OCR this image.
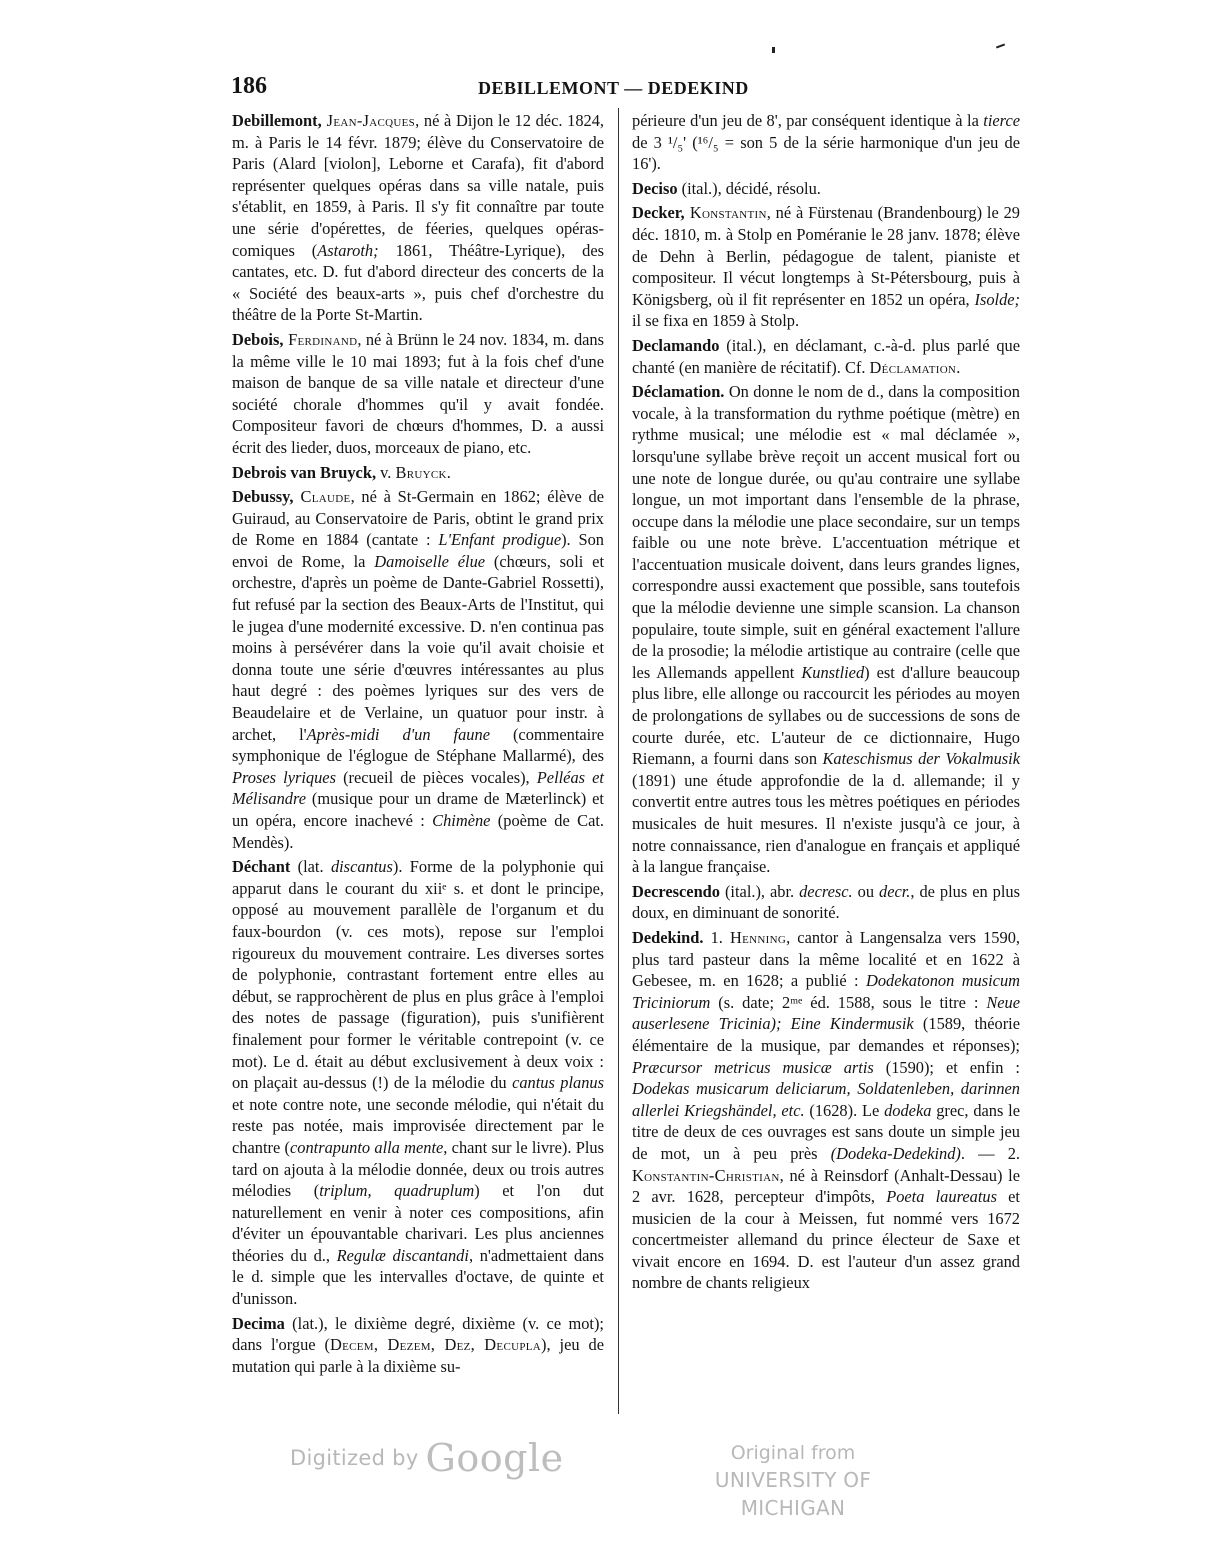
186	DEBILLEMONT — DEDEKIND

Debillemont, Jean-Jacques, né à Dijon le 12 déc. 1824, m. à Paris le 14 févr. 1879; élève du Conservatoire de Paris (Alard [violon], Leborne et Carafa), fit d'abord représenter quelques opéras dans sa ville natale, puis s'établit, en 1859, à Paris. Il s'y fit connaître par toute une série d'opérettes, de féeries, quelques opéras-comiques (Astaroth; 1861, Théâtre-Lyrique), des cantates, etc. D. fut d'abord directeur des concerts de la « Société des beaux-arts », puis chef d'orchestre du théâtre de la Porte St-Martin.

Debois, Ferdinand, né à Brünn le 24 nov. 1834, m. dans la même ville le 10 mai 1893; fut à la fois chef d'une maison de banque de sa ville natale et directeur d'une société chorale d'hommes qu'il y avait fondée. Compositeur favori de chœurs d'hommes, D. a aussi écrit des lieder, duos, morceaux de piano, etc.

Debrois van Bruyck, v. Bruyck.

Debussy, Claude, né à St-Germain en 1862; élève de Guiraud, au Conservatoire de Paris, obtint le grand prix de Rome en 1884 (cantate : L'Enfant prodigue). Son envoi de Rome, la Damoiselle élue (chœurs, soli et orchestre, d'après un poème de Dante-Gabriel Rossetti), fut refusé par la section des Beaux-Arts de l'Institut, qui le jugea d'une modernité excessive. D. n'en continua pas moins à persévérer dans la voie qu'il avait choisie et donna toute une série d'œuvres intéressantes au plus haut degré : des poèmes lyriques sur des vers de Beaudelaire et de Verlaine, un quatuor pour instr. à archet, l'Après-midi d'un faune (commentaire symphonique de l'églogue de Stéphane Mallarmé), des Proses lyriques (recueil de pièces vocales), Pelléas et Mélisandre (musique pour un drame de Mæterlinck) et un opéra, encore inachevé : Chimène (poème de Cat. Mendès).

Déchant (lat. discantus). Forme de la polyphonie qui apparut dans le courant du xiiᵉ s. et dont le principe, opposé au mouvement parallèle de l'organum et du faux-bourdon (v. ces mots), repose sur l'emploi rigoureux du mouvement contraire. Les diverses sortes de polyphonie, contrastant fortement entre elles au début, se rapprochèrent de plus en plus grâce à l'emploi des notes de passage (figuration), puis s'unifièrent finalement pour former le véritable contrepoint (v. ce mot). Le d. était au début exclusivement à deux voix : on plaçait au-dessus (!) de la mélodie du cantus planus et note contre note, une seconde mélodie, qui n'était du reste pas notée, mais improvisée directement par le chantre (contrapunto alla mente, chant sur le livre). Plus tard on ajouta à la mélodie donnée, deux ou trois autres mélodies (triplum, quadruplum) et l'on dut naturellement en venir à noter ces compositions, afin d'éviter un épouvantable charivari. Les plus anciennes théories du d., Regulæ discantandi, n'admettaient dans le d. simple que les intervalles d'octave, de quinte et d'unisson.

Decima (lat.), le dixième degré, dixième (v. ce mot); dans l'orgue (Decem, Dezem, Dez, Decupla), jeu de mutation qui parle à la dixième su-

périeure d'un jeu de 8', par conséquent identique à la tierce de 3 ¹/₅' (¹⁶/₅ = son 5 de la série harmonique d'un jeu de 16').

Deciso (ital.), décidé, résolu.

Decker, Konstantin, né à Fürstenau (Brandenbourg) le 29 déc. 1810, m. à Stolp en Poméranie le 28 janv. 1878; élève de Dehn à Berlin, pédagogue de talent, pianiste et compositeur. Il vécut longtemps à St-Pétersbourg, puis à Königsberg, où il fit représenter en 1852 un opéra, Isolde; il se fixa en 1859 à Stolp.

Declamando (ital.), en déclamant, c.-à-d. plus parlé que chanté (en manière de récitatif). Cf. Déclamation.

Déclamation. On donne le nom de d., dans la composition vocale, à la transformation du rythme poétique (mètre) en rythme musical; une mélodie est « mal déclamée », lorsqu'une syllabe brève reçoit un accent musical fort ou une note de longue durée, ou qu'au contraire une syllabe longue, un mot important dans l'ensemble de la phrase, occupe dans la mélodie une place secondaire, sur un temps faible ou une note brève. L'accentuation métrique et l'accentuation musicale doivent, dans leurs grandes lignes, correspondre aussi exactement que possible, sans toutefois que la mélodie devienne une simple scansion. La chanson populaire, toute simple, suit en général exactement l'allure de la prosodie; la mélodie artistique au contraire (celle que les Allemands appellent Kunstlied) est d'allure beaucoup plus libre, elle allonge ou raccourcit les périodes au moyen de prolongations de syllabes ou de successions de sons de courte durée, etc. L'auteur de ce dictionnaire, Hugo Riemann, a fourni dans son Kateschismus der Vokalmusik (1891) une étude approfondie de la d. allemande; il y convertit entre autres tous les mètres poétiques en périodes musicales de huit mesures. Il n'existe jusqu'à ce jour, à notre connaissance, rien d'analogue en français et appliqué à la langue française.

Decrescendo (ital.), abr. decresc. ou decr., de plus en plus doux, en diminuant de sonorité.

Dedekind. 1. Henning, cantor à Langensalza vers 1590, plus tard pasteur dans la même localité et en 1622 à Gebesee, m. en 1628; a publié : Dodekatonon musicum Triciniorum (s. date; 2ᵐᵉ éd. 1588, sous le titre : Neue auserlesene Tricinia); Eine Kindermusik (1589, théorie élémentaire de la musique, par demandes et réponses); Præcursor metricus musicæ artis (1590); et enfin : Dodekas musicarum deliciarum, Soldatenleben, darinnen allerlei Kriegshändel, etc. (1628). Le dodeka grec, dans le titre de deux de ces ouvrages est sans doute un simple jeu de mot, un à peu près (Dodeka-Dedekind). — 2. Konstantin-Christian, né à Reinsdorf (Anhalt-Dessau) le 2 avr. 1628, percepteur d'impôts, Poeta laureatus et musicien de la cour à Meissen, fut nommé vers 1672 concertmeister allemand du prince électeur de Saxe et vivait encore en 1694. D. est l'auteur d'un assez grand nombre de chants religieux

Digitized by Google	Original from
UNIVERSITY OF MICHIGAN
